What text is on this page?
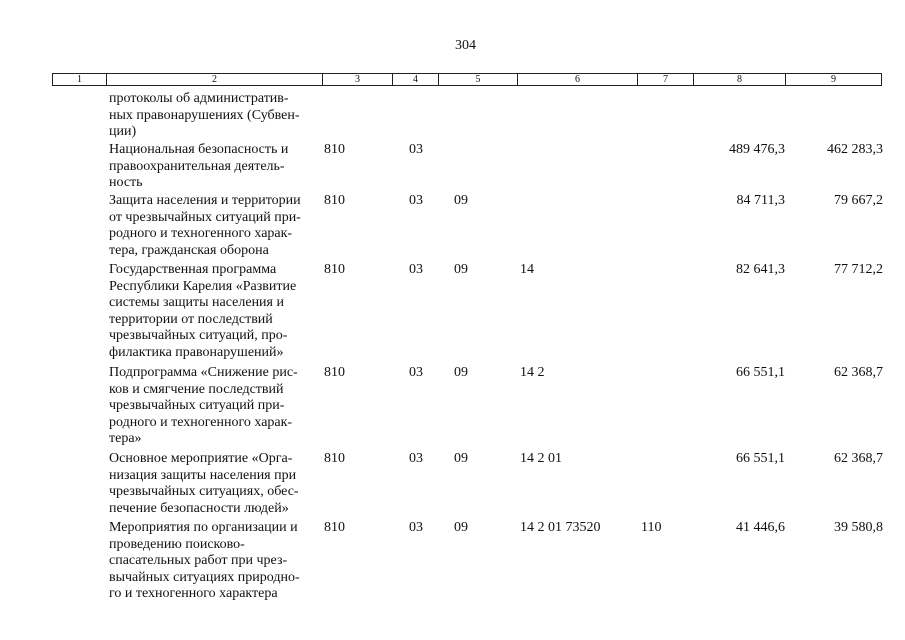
304
1	2	3	4	5	6	7	8	9
протоколы об административ-
ных правонарушениях (Субвен-
ции)
Национальная безопасность и
правоохранительная деятель-
ность
810	03	489 476,3	462 283,3
Защита населения и территории
от чрезвычайных ситуаций при-
родного и техногенного харак-
тера, гражданская оборона
810	03 09	84 711,3	79 667,2
Государственная программа
Республики Карелия «Развитие
системы защиты населения и
территории от последствий
чрезвычайных ситуаций, про-
филактика правонарушений»
810	03 09	14	82 641,3	77 712,2
Подпрограмма «Снижение рис-
ков и смягчение последствий
чрезвычайных ситуаций при-
родного и техногенного харак-
тера»
810	03 09	14 2	66 551,1	62 368,7
Основное мероприятие «Орга-
низация защиты населения при
чрезвычайных ситуациях, обес-
печение безопасности людей»
810	03 09	14 2 01	66 551,1	62 368,7
Мероприятия по организации и
проведению поисково-
спасательных работ при чрез-
вычайных ситуациях природно-
го и техногенного характера
810	03 09	14 2 01 73520	110	41 446,6	39 580,8
